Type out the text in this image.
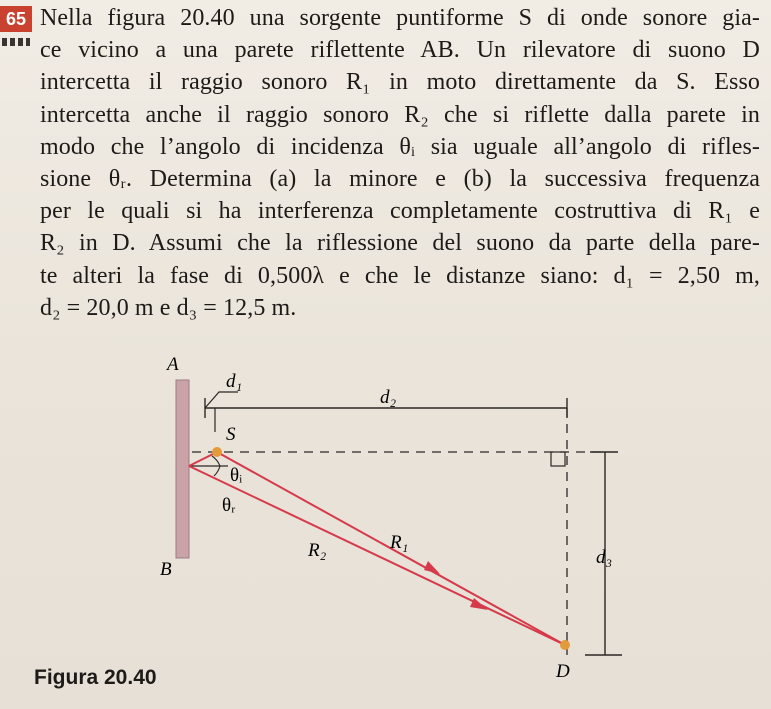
65 Nella figura 20.40 una sorgente puntiforme S di onde sonore gia-
ce vicino a una parete riflettente AB. Un rilevatore di suono D
intercetta il raggio sonoro R₁ in moto direttamente da S. Esso
intercetta anche il raggio sonoro R₂ che si riflette dalla parete in
modo che l’angolo di incidenza θᵢ sia uguale all’angolo di rifles-
sione θᵣ. Determina (a) la minore e (b) la successiva frequenza
per le quali si ha interferenza completamente costruttiva di R₁ e
R₂ in D. Assumi che la riflessione del suono da parte della pare-
te alteri la fase di 0,500λ e che le distanze siano: d₁ = 2,50 m,
d₂ = 20,0 m e d₃ = 12,5 m.
A
B
d₁
d₂
S
θᵢ
θᵣ
R₂	R₁
d₃
D
Figura 20.40
